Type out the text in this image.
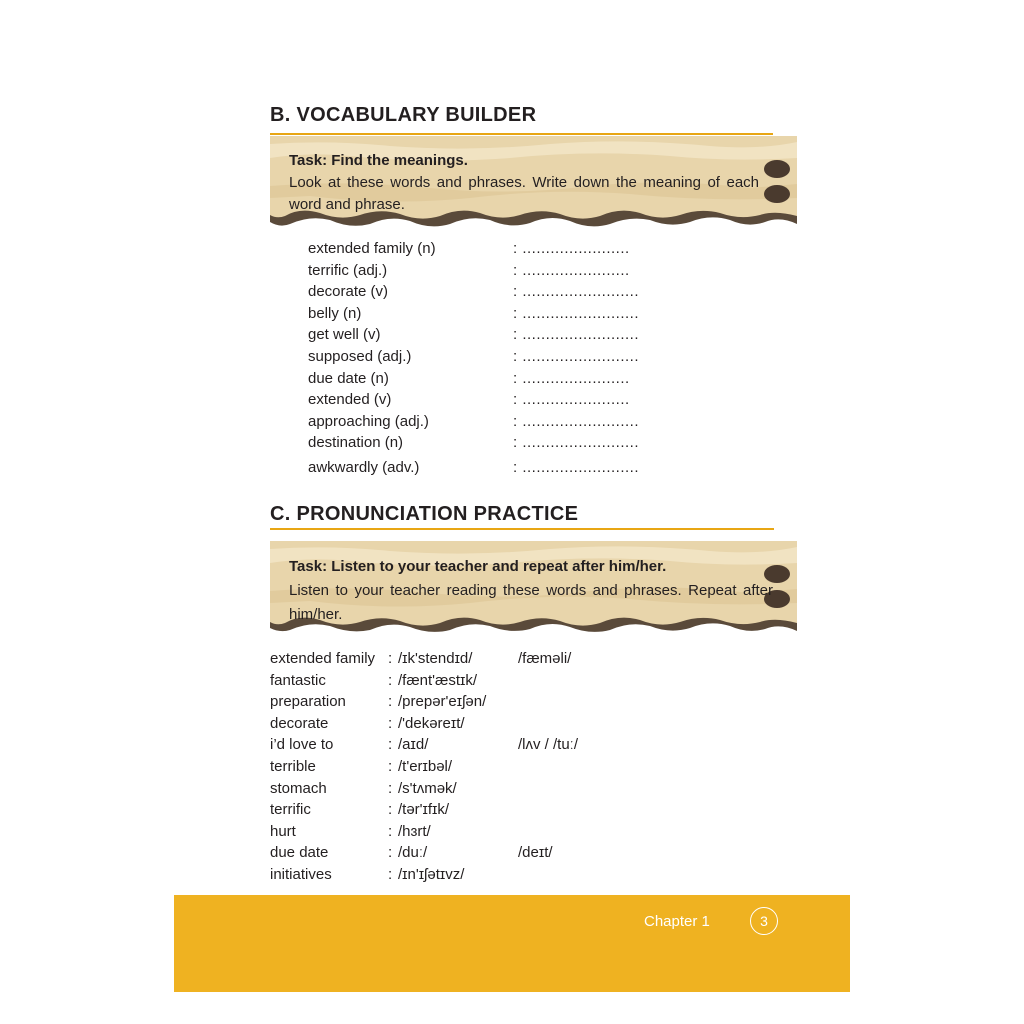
B. VOCABULARY BUILDER
Task: Find the meanings.
Look at these words and phrases. Write down the meaning of each word and phrase.
extended family (n)	: .......................
terrific (adj.)	: .......................
decorate (v)	: .........................
belly (n)	: .........................
get well (v)	: .........................
supposed (adj.)	: .........................
due date (n)	: .......................
extended (v)	: .......................
approaching (adj.)	: .........................
destination (n)	: .........................
awkwardly (adv.)	: .........................
C. PRONUNCIATION PRACTICE
Task: Listen to your teacher and repeat after him/her.
Listen to your teacher reading these words and phrases. Repeat after him/her.
extended family : /ɪk'stendɪd/	/fæməli/
fantastic	: /fænt'æstɪk/
preparation	: /prepər'eɪʃən/
decorate	: /'dekəreɪt/
i’d love to	: /aɪd/	/lʌv / /tuː/
terrible	: /t'erɪbəl/
stomach	: /s'tʌmək/
terrific	: /tər'ɪfɪk/
hurt	: /hɜrt/
due date	: /duː/	/deɪt/
initiatives	: /ɪn'ɪʃətɪvz/
Chapter 1	3
